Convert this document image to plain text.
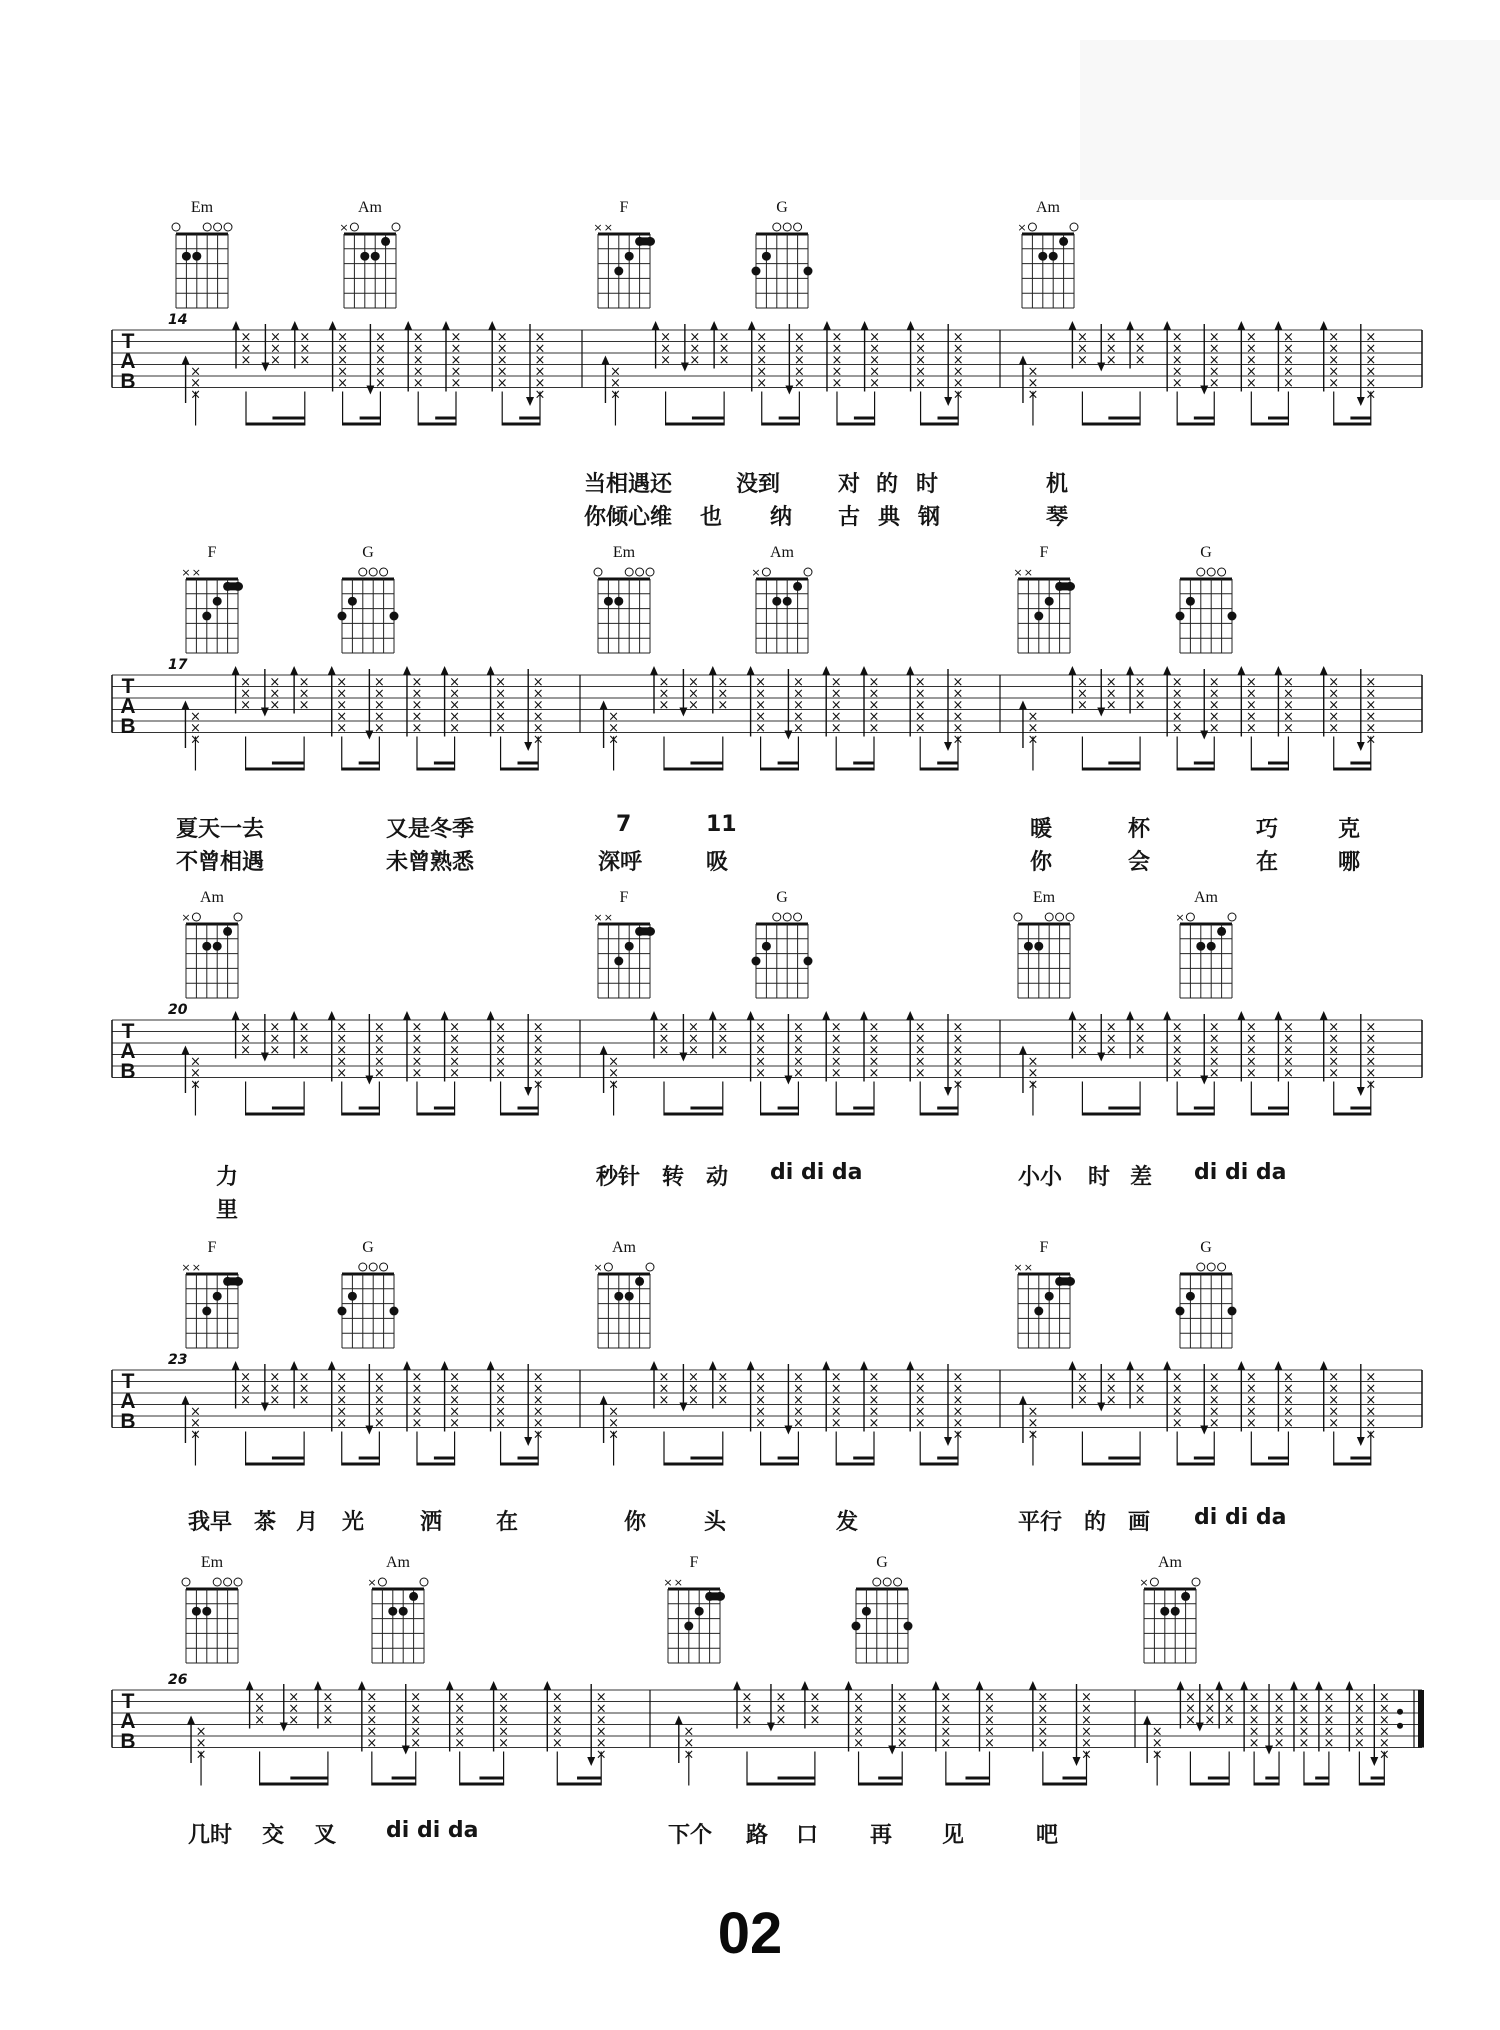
Em	Am
×
F
× ×
G	Am
×
T
A
B
14
×
×
×
×
×
×
×
×
×
×
×
×
×
×
×
×
×
×
×
×
×
×
×
×
×
×
×
×
×
×
×
×
×
×
×
×
×
×
×
×
×
×
×
×
×
×
×
×
×
×
×
×
×
×
×
×
×
×
×
×
×
×
×
×
×
×
×
×
×
×
×
×
×
×
×
×
×
×
×
×
×
×
×
×
×
×
×
×
×
×
×
×
×
×
×
×
×
×
×
×
×
×
×
×
×
×
×
×
×
×
×
×
×
×
×
×
×
×
×
×
×
×
×
×
×
×
×
×
×
F
× ×
G	Em	Am
×
F
× ×
G
T
A
B
17
×
×
×
×
×
×
×
×
×
×
×
×
×
×
×
×
×
×
×
×
×
×
×
×
×
×
×
×
×
×
×
×
×
×
×
×
×
×
×
×
×
×
×
×
×
×
×
×
×
×
×
×
×
×
×
×
×
×
×
×
×
×
×
×
×
×
×
×
×
×
×
×
×
×
×
×
×
×
×
×
×
×
×
×
×
×
×
×
×
×
×
×
×
×
×
×
×
×
×
×
×
×
×
×
×
×
×
×
×
×
×
×
×
×
×
×
×
×
×
×
×
×
×
×
×
×
×
×
×
Am
×
F
× ×
G	Em	Am
×
T
A
B
20
×
×
×
×
×
×
×
×
×
×
×
×
×
×
×
×
×
×
×
×
×
×
×
×
×
×
×
×
×
×
×
×
×
×
×
×
×
×
×
×
×
×
×
×
×
×
×
×
×
×
×
×
×
×
×
×
×
×
×
×
×
×
×
×
×
×
×
×
×
×
×
×
×
×
×
×
×
×
×
×
×
×
×
×
×
×
×
×
×
×
×
×
×
×
×
×
×
×
×
×
×
×
×
×
×
×
×
×
×
×
×
×
×
×
×
×
×
×
×
×
×
×
×
×
×
×
×
×
×
F
× ×
G	Am
×
F
× ×
G
T
A
B
23
×
×
×
×
×
×
×
×
×
×
×
×
×
×
×
×
×
×
×
×
×
×
×
×
×
×
×
×
×
×
×
×
×
×
×
×
×
×
×
×
×
×
×
×
×
×
×
×
×
×
×
×
×
×
×
×
×
×
×
×
×
×
×
×
×
×
×
×
×
×
×
×
×
×
×
×
×
×
×
×
×
×
×
×
×
×
×
×
×
×
×
×
×
×
×
×
×
×
×
×
×
×
×
×
×
×
×
×
×
×
×
×
×
×
×
×
×
×
×
×
×
×
×
×
×
×
×
×
×
Em	Am
×
F
× ×
G	Am
×
T
A
B
26
×
×
×
×
×
×
×
×
×
×
×
×
×
×
×
×
×
×
×
×
×
×
×
×
×
×
×
×
×
×
×
×
×
×
×
×
×
×
×
×
×
×
×
×
×
×
×
×
×
×
×
×
×
×
×
×
×
×
×
×
×
×
×
×
×
×
×
×
×
×
×
×
×
×
×
×
×
×
×
×
×
×
×
×
×
×
×
×
×
×
×
×
×
×
×
×
×
×
×
×
×
×
×
×
×
×
×
×
×
×
×
×
×
×
×
×
×
×
×
×
×
×
×
×
×
×
×
×
×
当相遇还	没到	对 的 时	机
你倾心维 也 纳 古 典 钢	琴
夏天一去	又是冬季	7	11	暖	杯	巧	克
不曾相遇	未曾熟悉	深呼	吸	你	会	在	哪
力
里
秒针 转 动 di di da	小小 时 差 di di da
我早 茶 月 光	洒 在	你	头	发	平行 的 画 di di da
几时 交 叉 di di da	下个 路 口 再 见	吧
02
